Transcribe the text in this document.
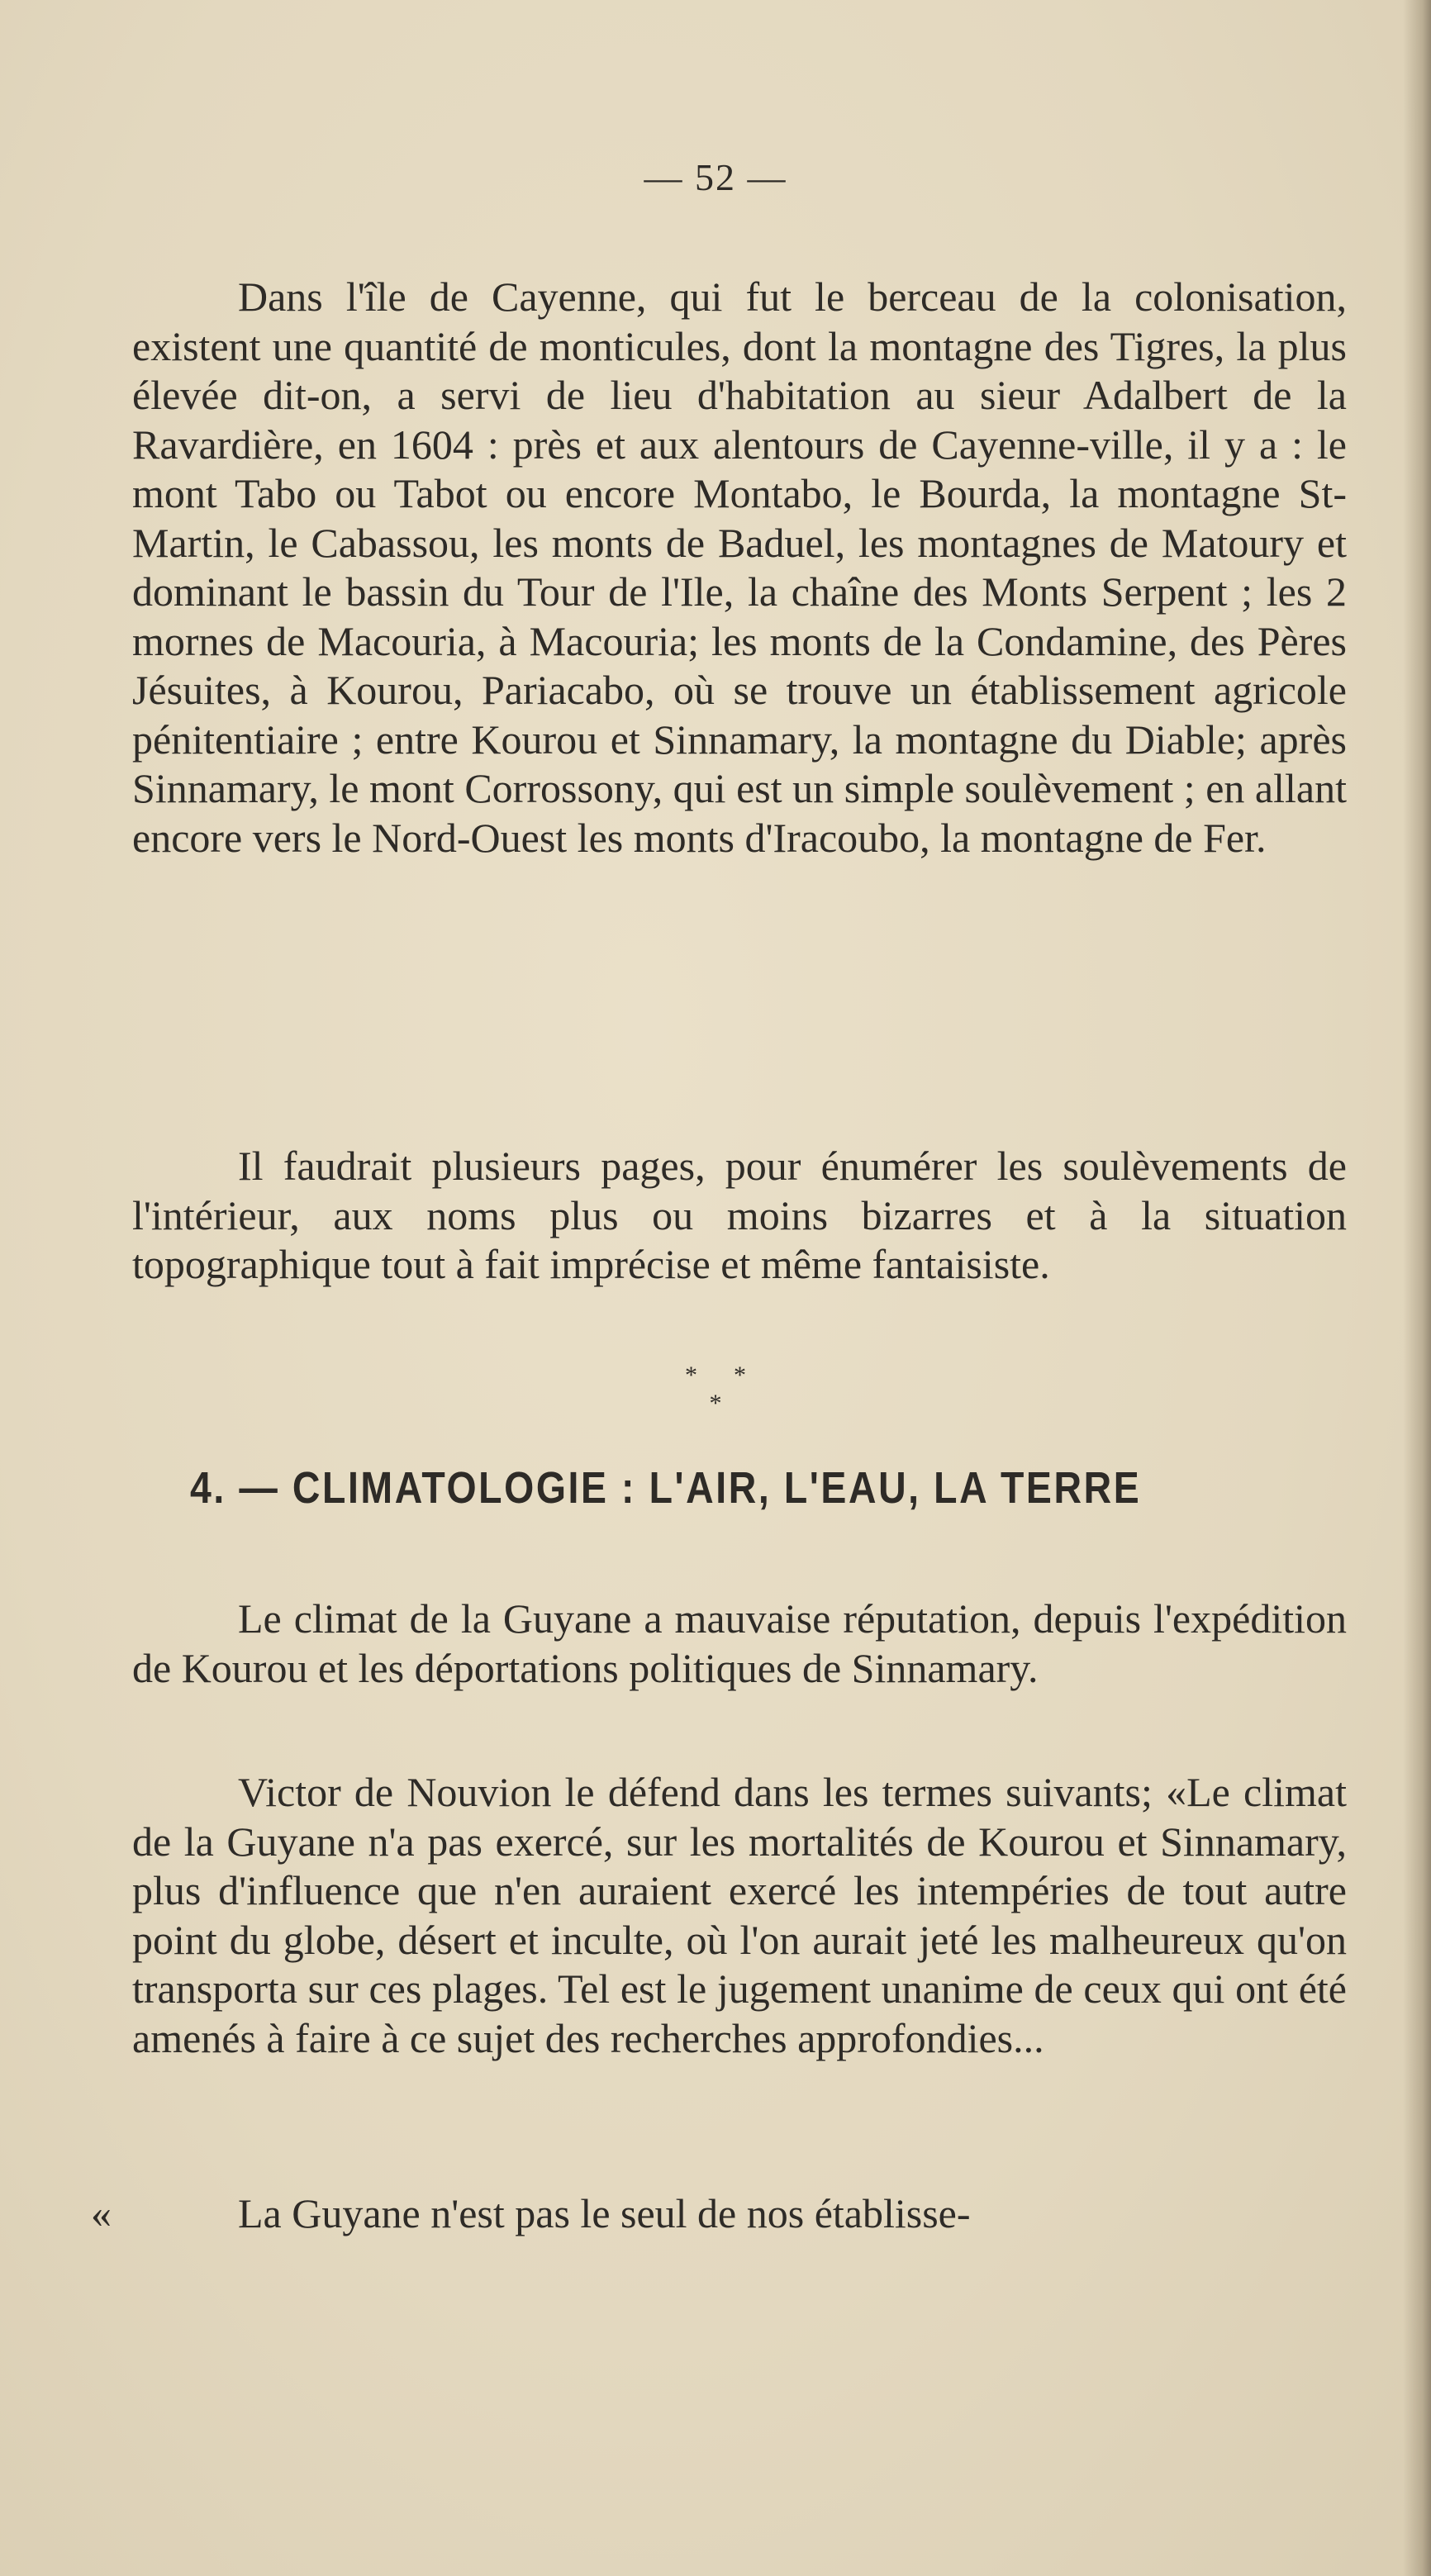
— 52 —

Dans l'île de Cayenne, qui fut le berceau de la colonisation, existent une quantité de monticules, dont la montagne des Tigres, la plus élevée dit-on, a servi de lieu d'habitation au sieur Adalbert de la Ravardière, en 1604 : près et aux alentours de Cayenne-ville, il y a : le mont Tabo ou Tabot ou encore Montabo, le Bourda, la montagne St-Martin, le Cabassou, les monts de Baduel, les montagnes de Matoury et dominant le bassin du Tour de l'Ile, la chaîne des Monts Serpent ; les 2 mornes de Macouria, à Macouria; les monts de la Condamine, des Pères Jésuites, à Kourou, Pariacabo, où se trouve un établissement agricole pénitentiaire ; entre Kourou et Sinnamary, la montagne du Diable; après Sinnamary, le mont Corrossony, qui est un simple soulèvement ; en allant encore vers le Nord-Ouest les monts d'Iracoubo, la montagne de Fer.

Il faudrait plusieurs pages, pour énumérer les soulèvements de l'intérieur, aux noms plus ou moins bizarres et à la situation topographique tout à fait imprécise et même fantaisiste.

* *
*
4. — CLIMATOLOGIE : L'AIR, L'EAU, LA TERRE

Le climat de la Guyane a mauvaise réputation, depuis l'expédition de Kourou et les déportations politiques de Sinnamary.

Victor de Nouvion le défend dans les termes suivants; «Le climat de la Guyane n'a pas exercé, sur les mortalités de Kourou et Sinnamary, plus d'influence que n'en auraient exercé les intempéries de tout autre point du globe, désert et inculte, où l'on aurait jeté les malheureux qu'on transporta sur ces plages. Tel est le jugement unanime de ceux qui ont été amenés à faire à ce sujet des recherches approfondies...

«	La Guyane n'est pas le seul de nos établisse-
